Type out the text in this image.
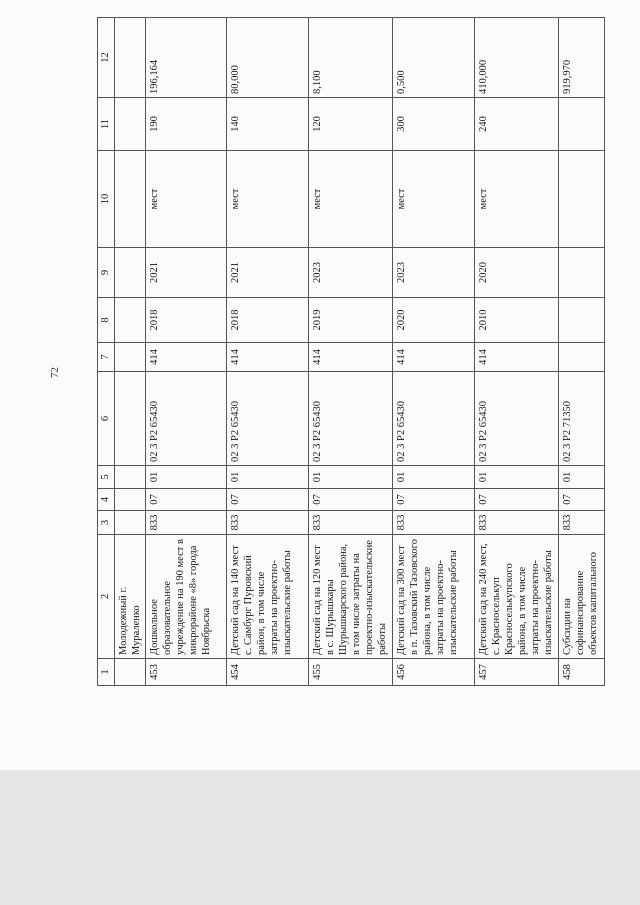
72
1	2	3	4	5	6	7	8	9	10	11	12
	Молодежный г. Мураленко										
453	Дошкольное образовательное учреждение на 190 мест в микрорайоне «8» города Ноябрьска	833	07	01	02 3 P2 65430	414	2018	2021	мест	190	196,164
454	Детский сад на 140 мест с. Самбург Пуровский район, в том числе затраты на проектно-изыскательские работы	833	07	01	02 3 P2 65430	414	2018	2021	мест	140	80,000
455	Детский сад на 120 мест в с. Шурышкары Шурышкарского района, в том числе затраты на проектно-изыскательские работы	833	07	01	02 3 P2 65430	414	2019	2023	мест	120	8,100
456	Детский сад на 300 мест в п. Тазовский Тазовского района, в том числе затраты на проектно-изыскательские работы	833	07	01	02 3 P2 65430	414	2020	2023	мест	300	0,500
457	Детский сад на 240 мест, с. Красноселькуп Красноселькупского района, в том числе затраты на проектно-изыскательские работы	833	07	01	02 3 P2 65430	414	2010	2020	мест	240	410,000
458	Субсидии на софинансирование объектов капитального	833	07	01	02 3 P2 71350						919,970
